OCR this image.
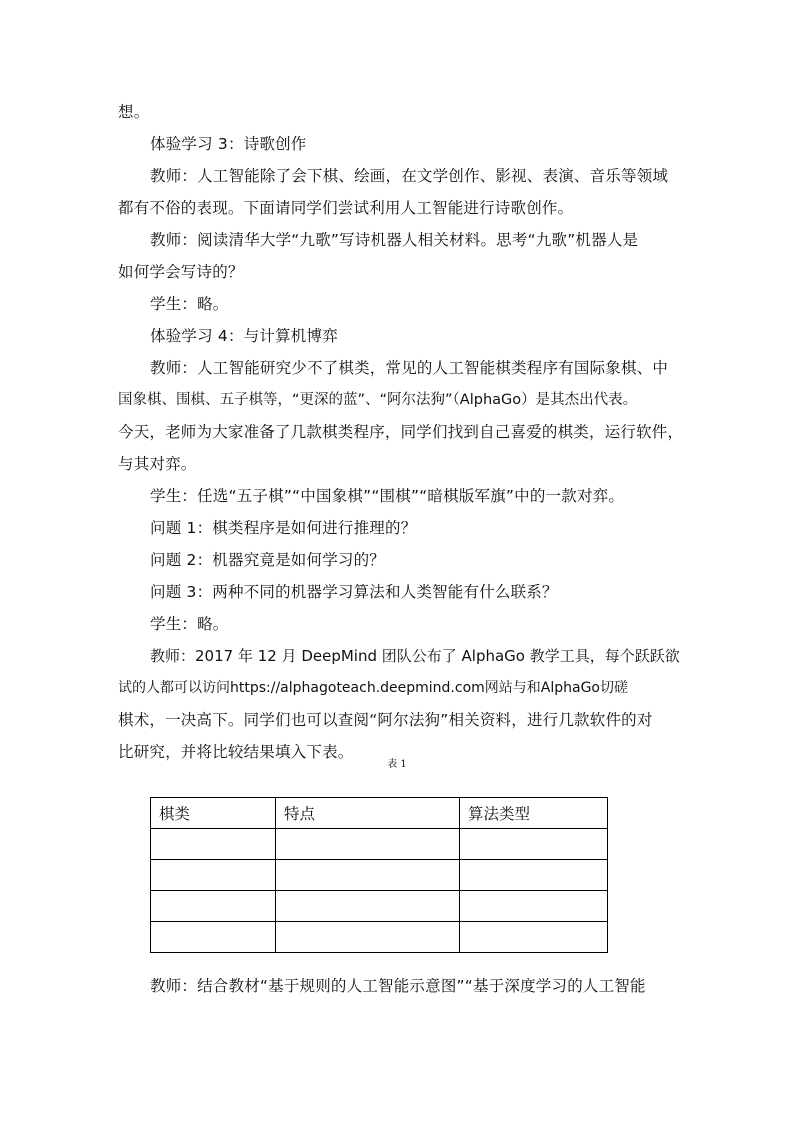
想。
体验学习 3：诗歌创作
教师：人工智能除了会下棋、绘画，在文学创作、影视、表演、音乐等领域
都有不俗的表现。下面请同学们尝试利用人工智能进行诗歌创作。
教师：阅读清华大学“九歌”写诗机器人相关材料。思考“九歌”机器人是
如何学会写诗的？
学生：略。
体验学习 4：与计算机博弈
教师：人工智能研究少不了棋类，常见的人工智能棋类程序有国际象棋、中
国象棋、围棋、五子棋等，“更深的蓝”、“阿尔法狗”（AlphaGo）是其杰出代表。
今天，老师为大家准备了几款棋类程序，同学们找到自己喜爱的棋类，运行软件，
与其对弈。
学生：任选“五子棋”“中国象棋”“围棋”“暗棋版军旗”中的一款对弈。
问题 1：棋类程序是如何进行推理的？
问题 2：机器究竟是如何学习的？
问题 3：两种不同的机器学习算法和人类智能有什么联系？
学生：略。
教师：2017 年 12 月 DeepMind 团队公布了 AlphaGo 教学工具，每个跃跃欲
试的人都可以访问https://alphagoteach.deepmind.com网站与和AlphaGo切磋
棋术，一决高下。同学们也可以查阅“阿尔法狗”相关资料，进行几款软件的对
比研究，并将比较结果填入下表。
表 1
棋类	特点	算法类型

教师：结合教材“基于规则的人工智能示意图”“基于深度学习的人工智能
